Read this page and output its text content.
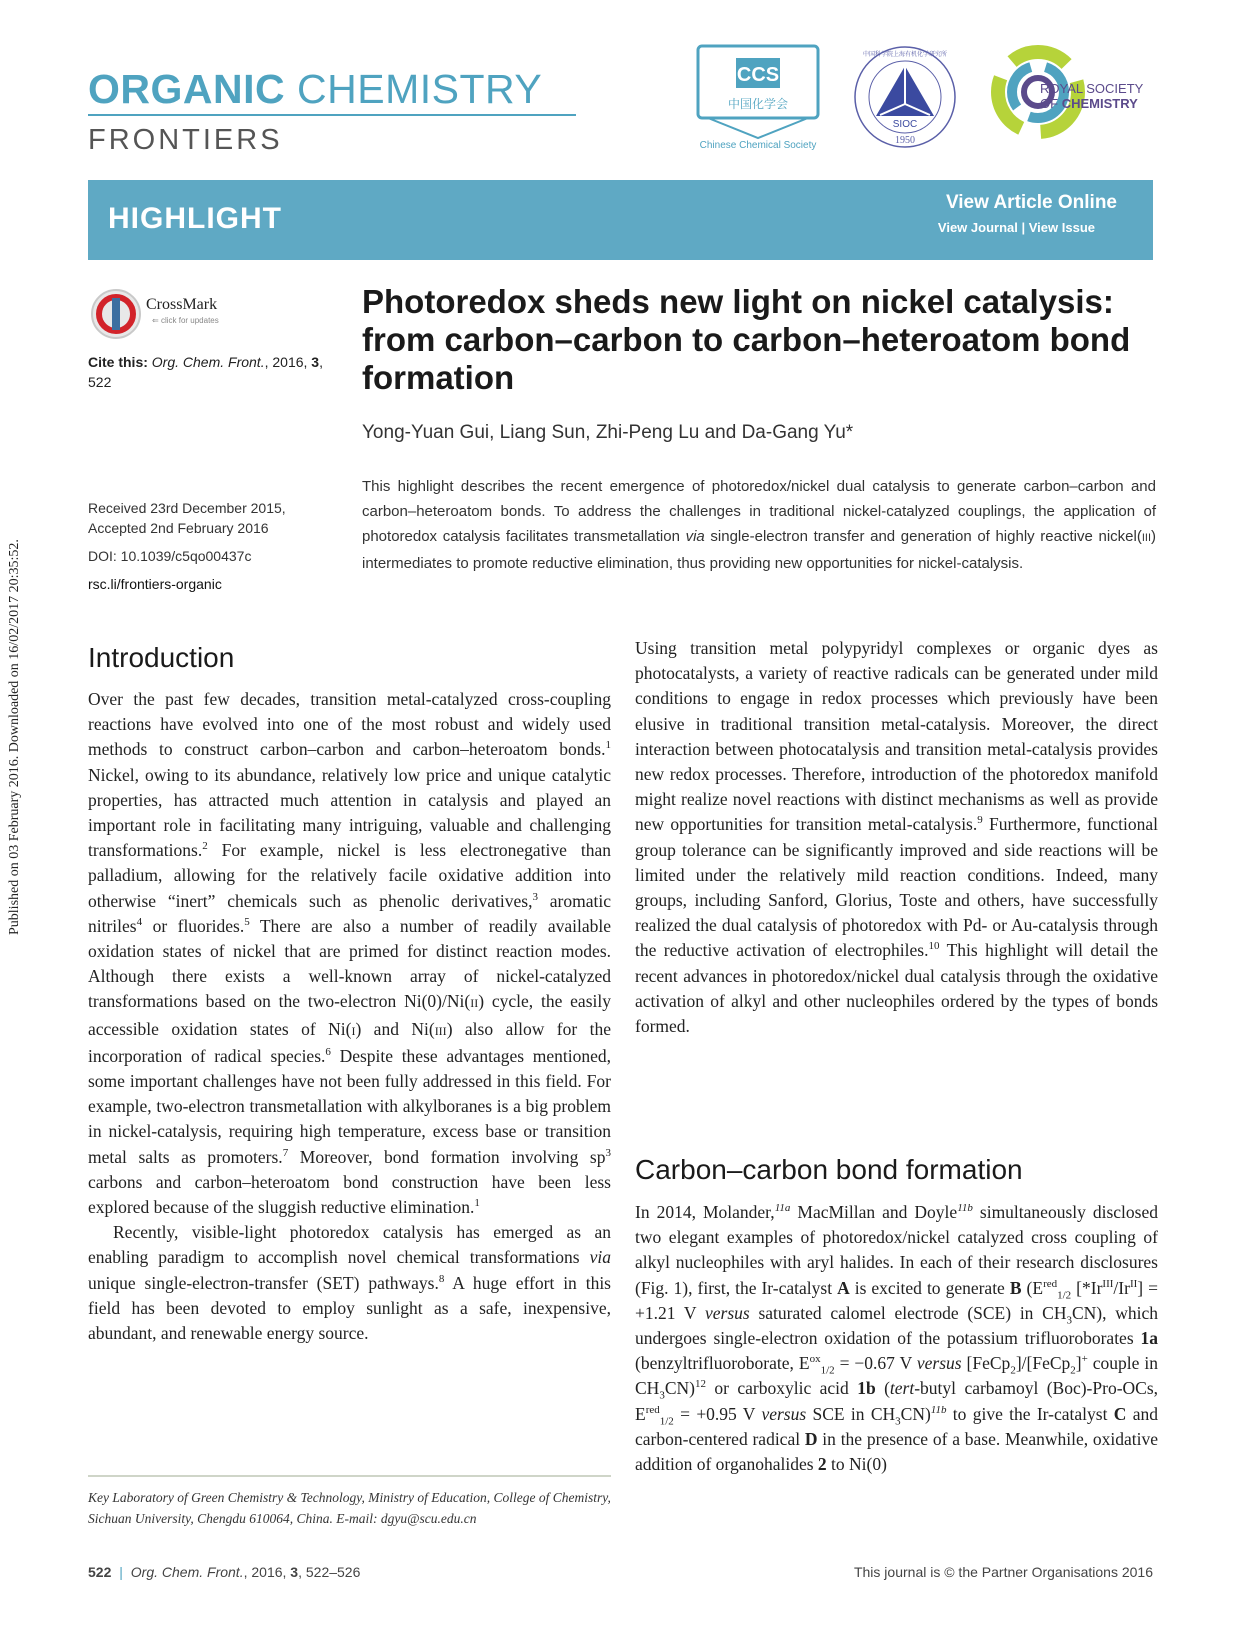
ORGANIC CHEMISTRY
FRONTIERS
CCS
中国化学会
Chinese Chemical Society
中国科学院上海有机化学研究所
SIOC
1950
ROYAL SOCIETY
OF CHEMISTRY
HIGHLIGHT	View Article Online
View Journal | View Issue
CrossMark
⇐ click for updates
Cite this: Org. Chem. Front., 2016, 3, 522
Received 23rd December 2015,
Accepted 2nd February 2016
DOI: 10.1039/c5qo00437c
rsc.li/frontiers-organic
Published on 03 February 2016. Downloaded on 16/02/2017 20:35:52.
Photoredox sheds new light on nickel catalysis:
from carbon–carbon to carbon–heteroatom bond
formation
Yong-Yuan Gui, Liang Sun, Zhi-Peng Lu and Da-Gang Yu*
This highlight describes the recent emergence of photoredox/nickel dual catalysis to generate carbon–carbon and carbon–heteroatom bonds. To address the challenges in traditional nickel-catalyzed couplings, the application of photoredox catalysis facilitates transmetallation via single-electron transfer and generation of highly reactive nickel(III) intermediates to promote reductive elimination, thus providing new opportunities for nickel-catalysis.
Introduction

Over the past few decades, transition metal-catalyzed cross-coupling reactions have evolved into one of the most robust and widely used methods to construct carbon–carbon and carbon–heteroatom bonds.$^1$ Nickel, owing to its abundance, relatively low price and unique catalytic properties, has attracted much attention in catalysis and played an important role in facilitating many intriguing, valuable and challenging transformations.$^2$ For example, nickel is less electronegative than palladium, allowing for the relatively facile oxidative addition into otherwise “inert” chemicals such as phenolic derivatives,$^3$ aromatic nitriles$^4$ or fluorides.$^5$ There are also a number of readily available oxidation states of nickel that are primed for distinct reaction modes. Although there exists a well-known array of nickel-catalyzed transformations based on the two-electron Ni(0)/Ni(II) cycle, the easily accessible oxidation states of Ni(I) and Ni(III) also allow for the incorporation of radical species.$^6$ Despite these advantages mentioned, some important challenges have not been fully addressed in this field. For example, two-electron transmetallation with alkylboranes is a big problem in nickel-catalysis, requiring high temperature, excess base or transition metal salts as promoters.$^7$ Moreover, bond formation involving $sp^3$ carbons and carbon–heteroatom bond construction have been less explored because of the sluggish reductive elimination.$^1$

Recently, visible-light photoredox catalysis has emerged as an enabling paradigm to accomplish novel chemical transformations via unique single-electron-transfer (SET) pathways.$^8$ A huge effort in this field has been devoted to employ sunlight as a safe, inexpensive, abundant, and renewable energy source.

Key Laboratory of Green Chemistry & Technology, Ministry of Education, College of Chemistry, Sichuan University, Chengdu 610064, China. E-mail: dgyu@scu.edu.cn

Using transition metal polypyridyl complexes or organic dyes as photocatalysts, a variety of reactive radicals can be generated under mild conditions to engage in redox processes which previously have been elusive in traditional transition metal-catalysis. Moreover, the direct interaction between photocatalysis and transition metal-catalysis provides new redox processes. Therefore, introduction of the photoredox manifold might realize novel reactions with distinct mechanisms as well as provide new opportunities for transition metal-catalysis.$^9$ Furthermore, functional group tolerance can be significantly improved and side reactions will be limited under the relatively mild reaction conditions. Indeed, many groups, including Sanford, Glorius, Toste and others, have successfully realized the dual catalysis of photoredox with Pd- or Au-catalysis through the reductive activation of electrophiles.$^{10}$ This highlight will detail the recent advances in photoredox/nickel dual catalysis through the oxidative activation of alkyl and other nucleophiles ordered by the types of bonds formed.

Carbon–carbon bond formation

In 2014, Molander,$^{11a}$ MacMillan and Doyle$^{11b}$ simultaneously disclosed two elegant examples of photoredox/nickel catalyzed cross coupling of alkyl nucleophiles with aryl halides. In each of their research disclosures (Fig. 1), first, the Ir-catalyst A is excited to generate B ($E^{red}_{1/2}$ $[*Ir^{III}/Ir^{II}] = +1.21$ V versus saturated calomel electrode (SCE) in $CH_3CN$), which undergoes single-electron oxidation of the potassium trifluoroborates 1a (benzyltrifluoroborate, $E^{ox}_{1/2} = -0.67$ V versus [FeCp$_2$]/[FeCp$_2$]+ couple in $CH_3CN)^{12}$ or carboxylic acid 1b (tert-butyl carbamoyl (Boc)-Pro-OCs, $E^{red}_{1/2} = +0.95$ V versus SCE in $CH_3CN)^{11b}$ to give the Ir-catalyst C and carbon-centered radical D in the presence of a base. Meanwhile, oxidative addition of organohalides 2 to Ni(0)

522 | Org. Chem. Front., 2016, 3, 522–526	This journal is © the Partner Organisations 2016
